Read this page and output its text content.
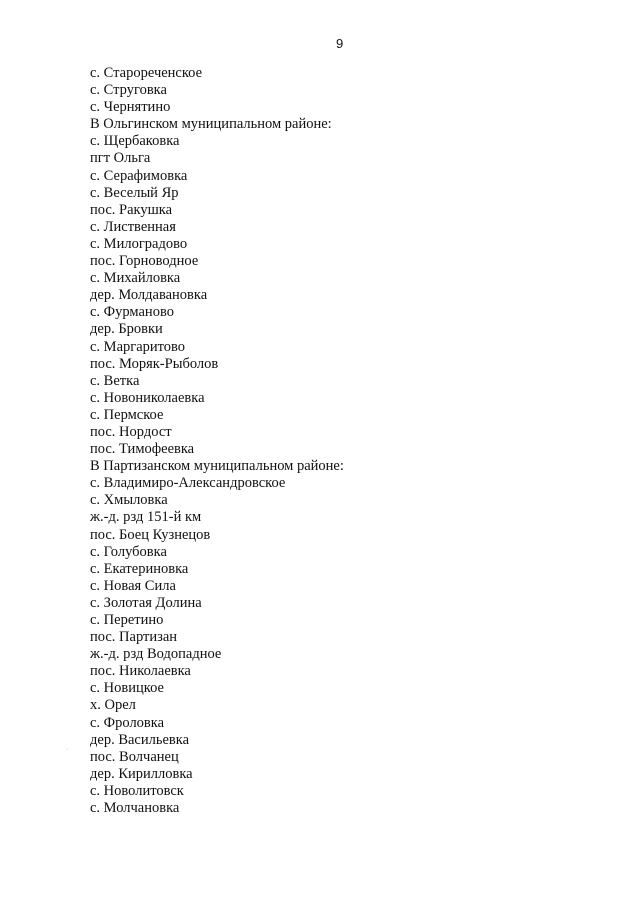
9
с. Старореченское
с. Струговка
с. Чернятино
В Ольгинском муниципальном районе:
с. Щербаковка
пгт Ольга
с. Серафимовка
с. Веселый Яр
пос. Ракушка
с. Лиственная
с. Милоградово
пос. Горноводное
с. Михайловка
дер. Молдавановка
с. Фурманово
дер. Бровки
с. Маргаритово
пос. Моряк-Рыболов
с. Ветка
с. Новониколаевка
с. Пермское
пос. Нордост
пос. Тимофеевка
В Партизанском муниципальном районе:
с. Владимиро-Александровское
с. Хмыловка
ж.-д. рзд 151-й км
пос. Боец Кузнецов
с. Голубовка
с. Екатериновка
с. Новая Сила
с. Золотая Долина
с. Перетино
пос. Партизан
ж.-д. рзд Водопадное
пос. Николаевка
с. Новицкое
х. Орел
с. Фроловка
дер. Васильевка
пос. Волчанец
дер. Кирилловка
с. Новолитовск
с. Молчановка
·
